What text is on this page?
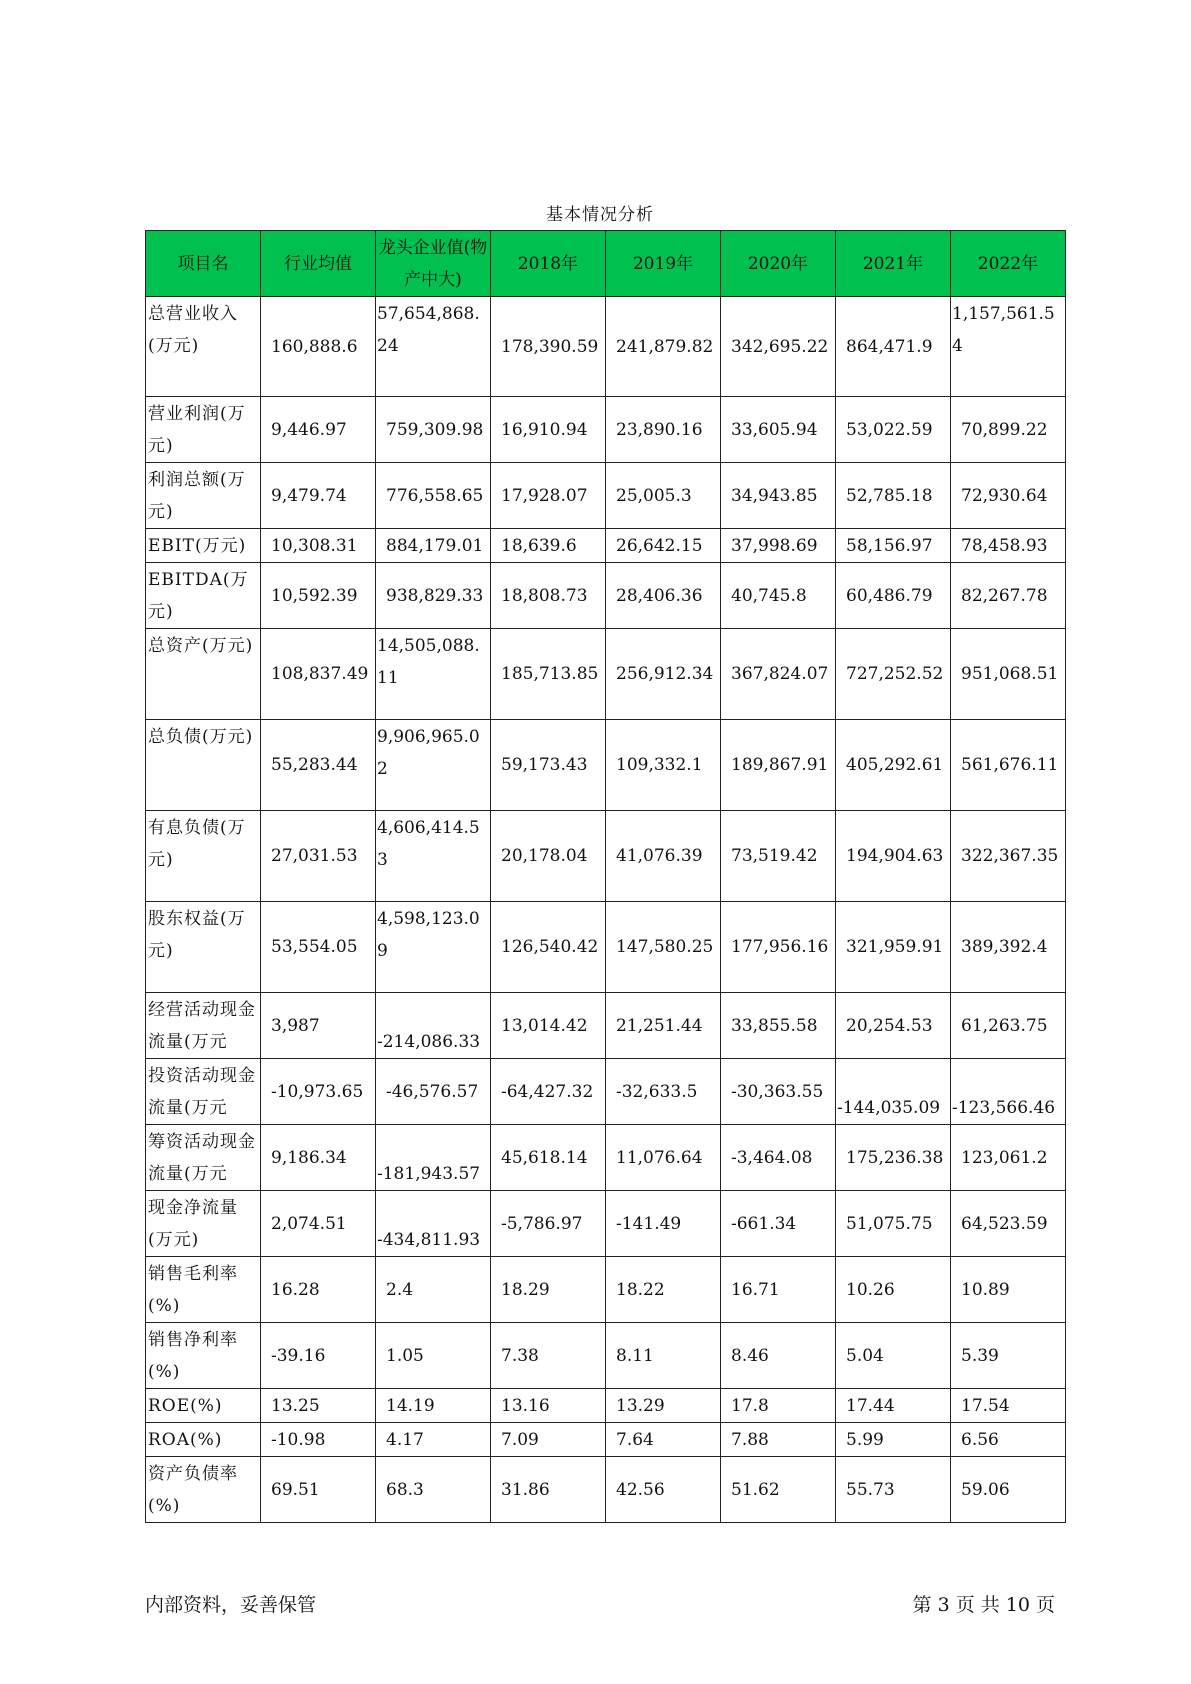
基本情况分析
项目名	行业均值	龙头企业值(物产中大)	2018年	2019年	2020年	2021年	2022年
总营业收入(万元)	160,888.6	57,654,868.24	178,390.59	241,879.82	342,695.22	864,471.9	1,157,561.54
营业利润(万元)	9,446.97	759,309.98	16,910.94	23,890.16	33,605.94	53,022.59	70,899.22
利润总额(万元)	9,479.74	776,558.65	17,928.07	25,005.3	34,943.85	52,785.18	72,930.64
EBIT(万元)	10,308.31	884,179.01	18,639.6	26,642.15	37,998.69	58,156.97	78,458.93
EBITDA(万元)	10,592.39	938,829.33	18,808.73	28,406.36	40,745.8	60,486.79	82,267.78
总资产(万元)	108,837.49	14,505,088.11	185,713.85	256,912.34	367,824.07	727,252.52	951,068.51
总负债(万元)	55,283.44	9,906,965.02	59,173.43	109,332.1	189,867.91	405,292.61	561,676.11
有息负债(万元)	27,031.53	4,606,414.53	20,178.04	41,076.39	73,519.42	194,904.63	322,367.35
股东权益(万元)	53,554.05	4,598,123.09	126,540.42	147,580.25	177,956.16	321,959.91	389,392.4
经营活动现金流量(万元	3,987	-214,086.33	13,014.42	21,251.44	33,855.58	20,254.53	61,263.75
投资活动现金流量(万元	-10,973.65	-46,576.57	-64,427.32	-32,633.5	-30,363.55	-144,035.09	-123,566.46
筹资活动现金流量(万元	9,186.34	-181,943.57	45,618.14	11,076.64	-3,464.08	175,236.38	123,061.2
现金净流量(万元)	2,074.51	-434,811.93	-5,786.97	-141.49	-661.34	51,075.75	64,523.59
销售毛利率(%)	16.28	2.4	18.29	18.22	16.71	10.26	10.89
销售净利率(%)	-39.16	1.05	7.38	8.11	8.46	5.04	5.39
ROE(%)	13.25	14.19	13.16	13.29	17.8	17.44	17.54
ROA(%)	-10.98	4.17	7.09	7.64	7.88	5.99	6.56
资产负债率(%)	69.51	68.3	31.86	42.56	51.62	55.73	59.06
内部资料，妥善保管	第 3 页 共 10 页
